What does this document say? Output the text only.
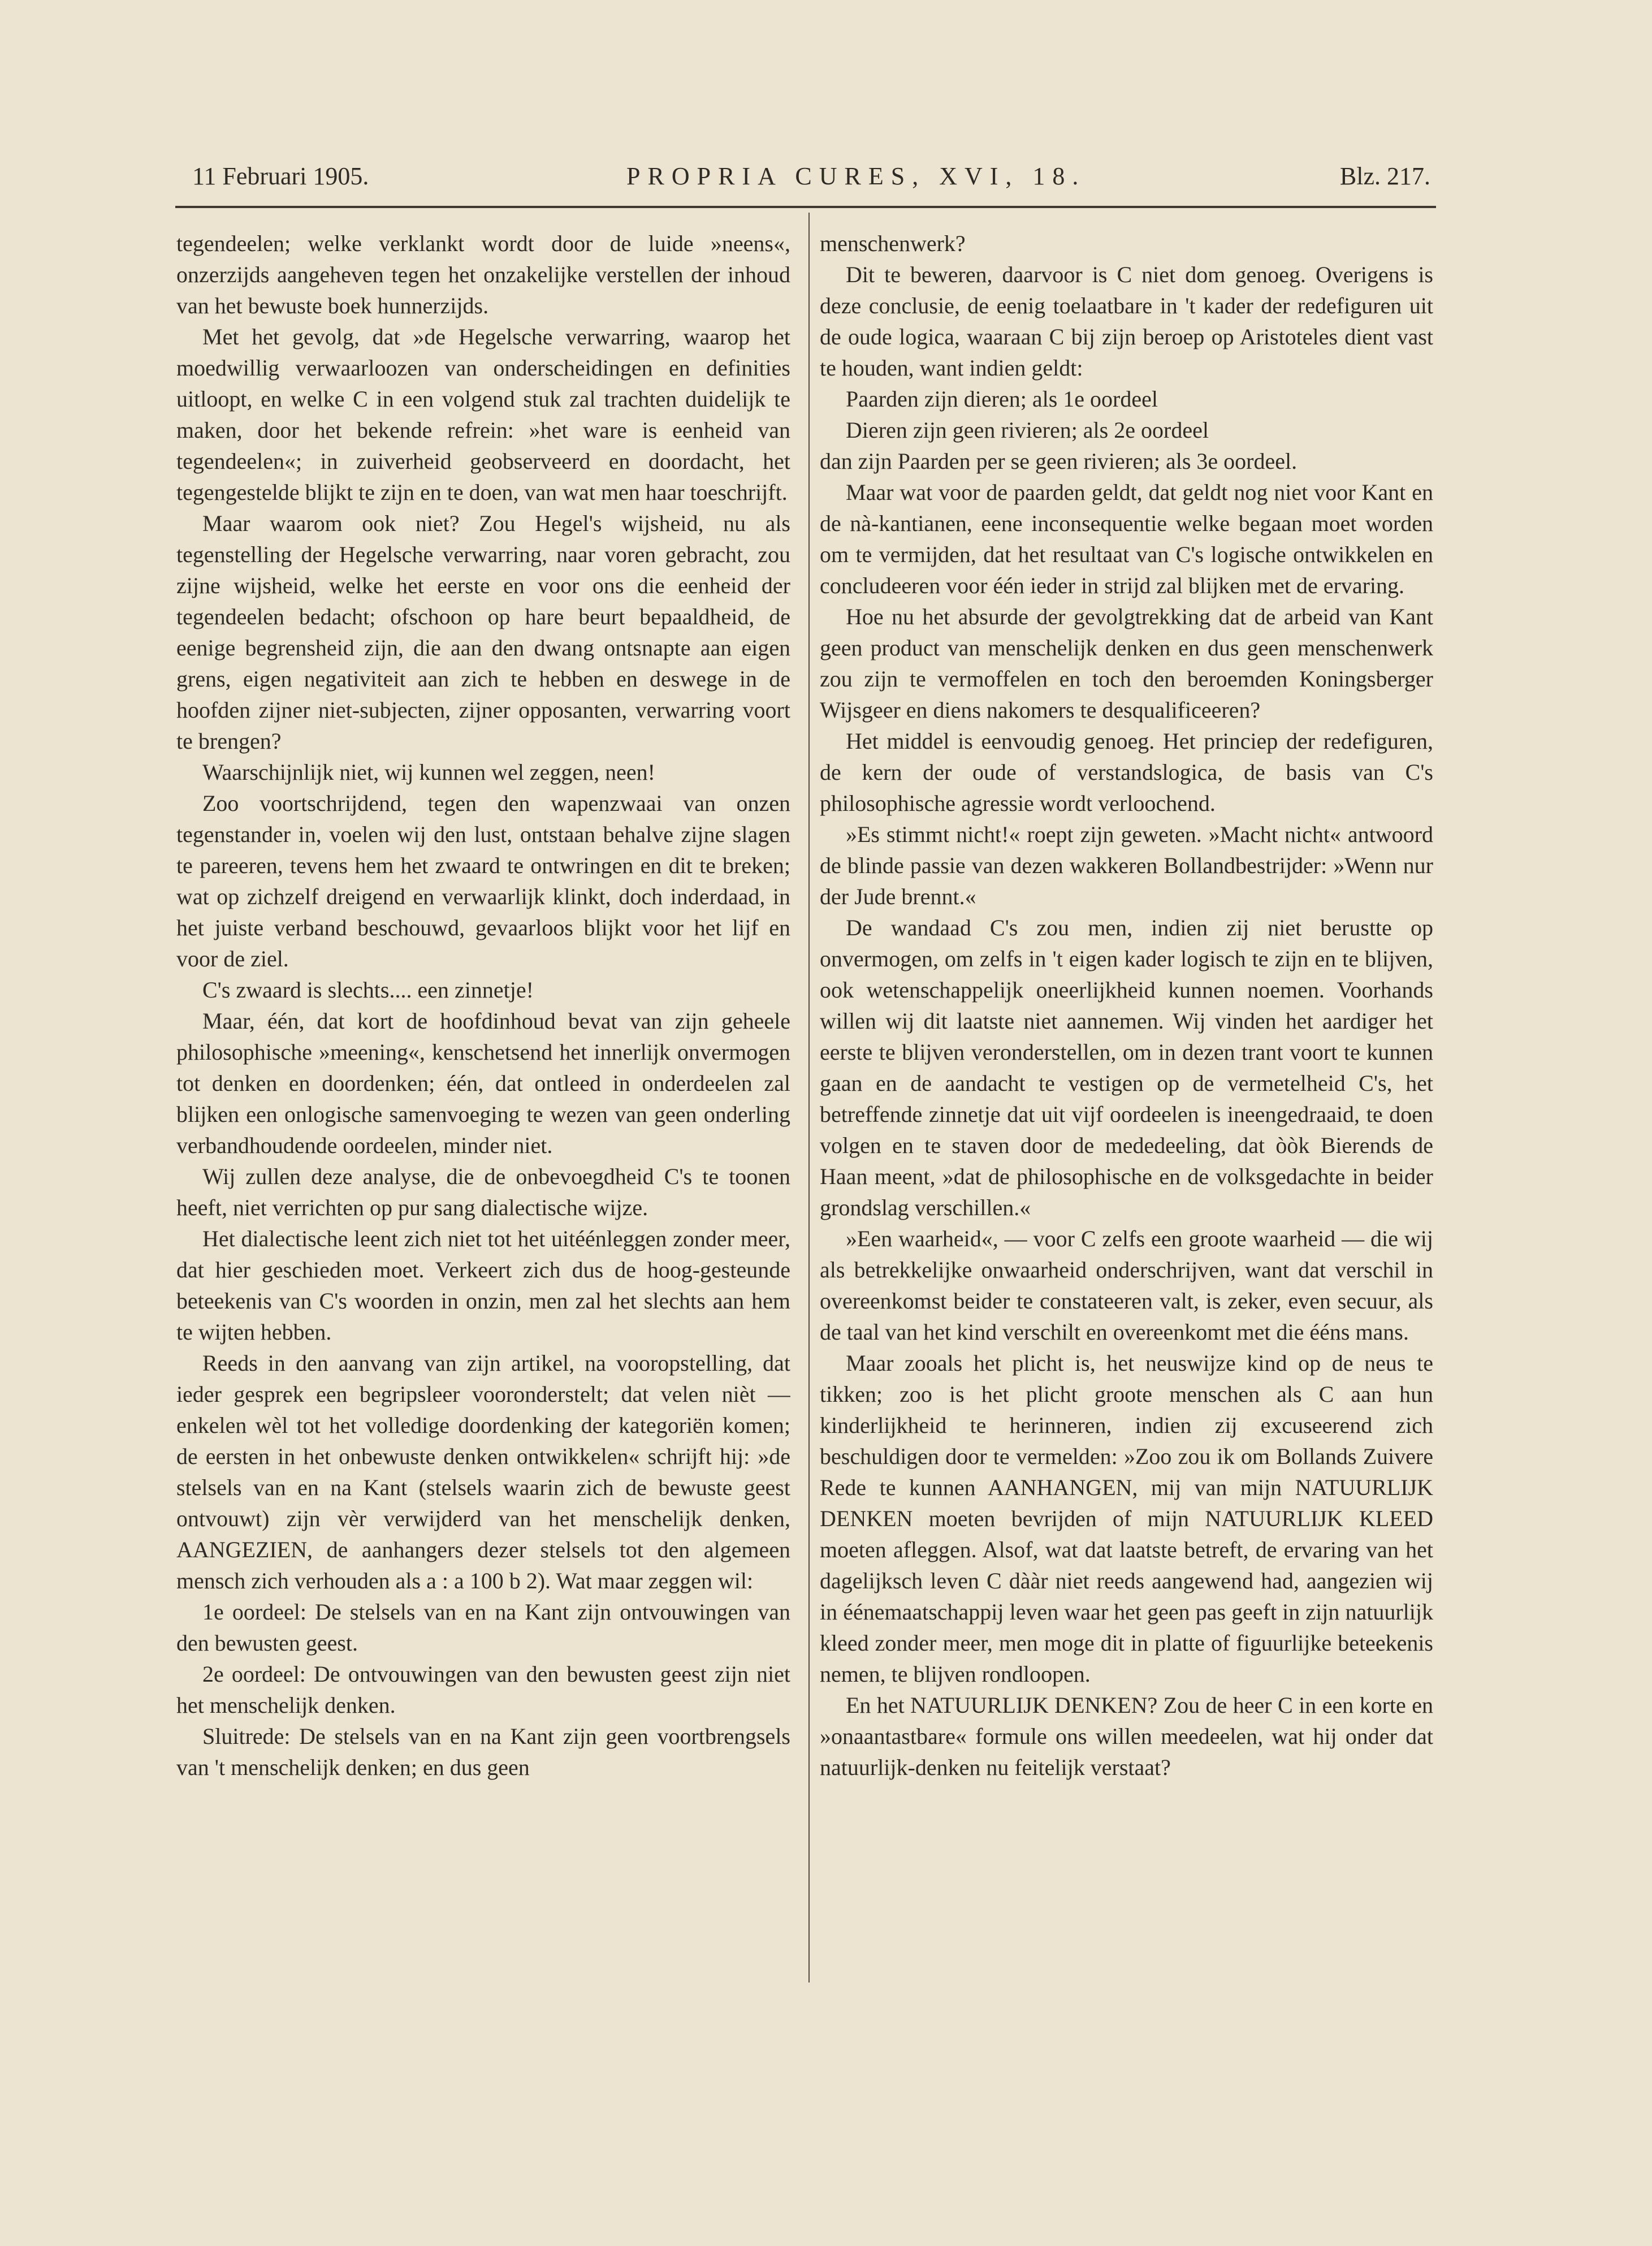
11 Februari 1905.	PROPRIA CURES, XVI, 18.	Blz. 217.

tegendeelen; welke verklankt wordt door de luide »neens«, onzerzijds aangeheven tegen het onzakelijke verstellen der inhoud van het bewuste boek hunnerzijds.

Met het gevolg, dat »de Hegelsche verwarring, waarop het moedwillig verwaarloozen van onderscheidingen en definities uitloopt, en welke C in een volgend stuk zal trachten duidelijk te maken, door het bekende refrein: »het ware is eenheid van tegendeelen«; in zuiverheid geobserveerd en doordacht, het tegengestelde blijkt te zijn en te doen, van wat men haar toeschrijft.

Maar waarom ook niet? Zou Hegel's wijsheid, nu als tegenstelling der Hegelsche verwarring, naar voren gebracht, zou zijne wijsheid, welke het eerste en voor ons die eenheid der tegendeelen bedacht; ofschoon op hare beurt bepaaldheid, de eenige begrensheid zijn, die aan den dwang ontsnapte aan eigen grens, eigen negativiteit aan zich te hebben en deswege in de hoofden zijner niet-subjecten, zijner opposanten, verwarring voort te brengen?

Waarschijnlijk niet, wij kunnen wel zeggen, neen!

Zoo voortschrijdend, tegen den wapenzwaai van onzen tegenstander in, voelen wij den lust, ontstaan behalve zijne slagen te pareeren, tevens hem het zwaard te ontwringen en dit te breken; wat op zichzelf dreigend en verwaarlijk klinkt, doch inderdaad, in het juiste verband beschouwd, gevaarloos blijkt voor het lijf en voor de ziel.

C's zwaard is slechts.... een zinnetje!

Maar, één, dat kort de hoofdinhoud bevat van zijn geheele philosophische »meening«, kenschetsend het innerlijk onvermogen tot denken en doordenken; één, dat ontleed in onderdeelen zal blijken een onlogische samenvoeging te wezen van geen onderling verbandhoudende oordeelen, minder niet.

Wij zullen deze analyse, die de onbevoegdheid C's te toonen heeft, niet verrichten op pur sang dialectische wijze.

Het dialectische leent zich niet tot het uitéénleggen zonder meer, dat hier geschieden moet. Verkeert zich dus de hoog-gesteunde beteekenis van C's woorden in onzin, men zal het slechts aan hem te wijten hebben.

Reeds in den aanvang van zijn artikel, na vooropstelling, dat ieder gesprek een begripsleer vooronderstelt; dat velen nièt — enkelen wèl tot het volledige doordenking der kategoriën komen; de eersten in het onbewuste denken ontwikkelen« schrijft hij: »de stelsels van en na Kant (stelsels waarin zich de bewuste geest ontvouwt) zijn vèr verwijderd van het menschelijk denken, AANGEZIEN, de aanhangers dezer stelsels tot den algemeen mensch zich verhouden als a : a 100 b 2). Wat maar zeggen wil:

1e oordeel: De stelsels van en na Kant zijn ontvouwingen van den bewusten geest.

2e oordeel: De ontvouwingen van den bewusten geest zijn niet het menschelijk denken.

Sluitrede: De stelsels van en na Kant zijn geen voortbrengsels van 't menschelijk denken; en dus geen

menschenwerk?

Dit te beweren, daarvoor is C niet dom genoeg. Overigens is deze conclusie, de eenig toelaatbare in 't kader der redefiguren uit de oude logica, waaraan C bij zijn beroep op Aristoteles dient vast te houden, want indien geldt:

Paarden zijn dieren; als 1e oordeel

Dieren zijn geen rivieren; als 2e oordeel

dan zijn Paarden per se geen rivieren; als 3e oordeel.

Maar wat voor de paarden geldt, dat geldt nog niet voor Kant en de nà-kantianen, eene inconsequentie welke begaan moet worden om te vermijden, dat het resultaat van C's logische ontwikkelen en concludeeren voor één ieder in strijd zal blijken met de ervaring.

Hoe nu het absurde der gevolgtrekking dat de arbeid van Kant geen product van menschelijk denken en dus geen menschenwerk zou zijn te vermoffelen en toch den beroemden Koningsberger Wijsgeer en diens nakomers te desqualificeeren?

Het middel is eenvoudig genoeg. Het princiep der redefiguren, de kern der oude of verstandslogica, de basis van C's philosophische agressie wordt verloochend.

»Es stimmt nicht!« roept zijn geweten. »Macht nicht« antwoord de blinde passie van dezen wakkeren Bollandbestrijder: »Wenn nur der Jude brennt.«

De wandaad C's zou men, indien zij niet berustte op onvermogen, om zelfs in 't eigen kader logisch te zijn en te blijven, ook wetenschappelijk oneerlijkheid kunnen noemen. Voorhands willen wij dit laatste niet aannemen. Wij vinden het aardiger het eerste te blijven veronderstellen, om in dezen trant voort te kunnen gaan en de aandacht te vestigen op de vermetelheid C's, het betreffende zinnetje dat uit vijf oordeelen is ineengedraaid, te doen volgen en te staven door de mededeeling, dat òòk Bierends de Haan meent, »dat de philosophische en de volksgedachte in beider grondslag verschillen.«

»Een waarheid«, — voor C zelfs een groote waarheid — die wij als betrekkelijke onwaarheid onderschrijven, want dat verschil in overeenkomst beider te constateeren valt, is zeker, even secuur, als de taal van het kind verschilt en overeenkomt met die ééns mans.

Maar zooals het plicht is, het neuswijze kind op de neus te tikken; zoo is het plicht groote menschen als C aan hun kinderlijkheid te herinneren, indien zij excuseerend zich beschuldigen door te vermelden: »Zoo zou ik om Bollands Zuivere Rede te kunnen AANHANGEN, mij van mijn NATUURLIJK DENKEN moeten bevrijden of mijn NATUURLIJK KLEED moeten afleggen. Alsof, wat dat laatste betreft, de ervaring van het dagelijksch leven C dààr niet reeds aangewend had, aangezien wij in éénemaatschappij leven waar het geen pas geeft in zijn natuurlijk kleed zonder meer, men moge dit in platte of figuurlijke beteekenis nemen, te blijven rondloopen.

En het NATUURLIJK DENKEN? Zou de heer C in een korte en »onaantastbare« formule ons willen meedeelen, wat hij onder dat natuurlijk-denken nu feitelijk verstaat?
